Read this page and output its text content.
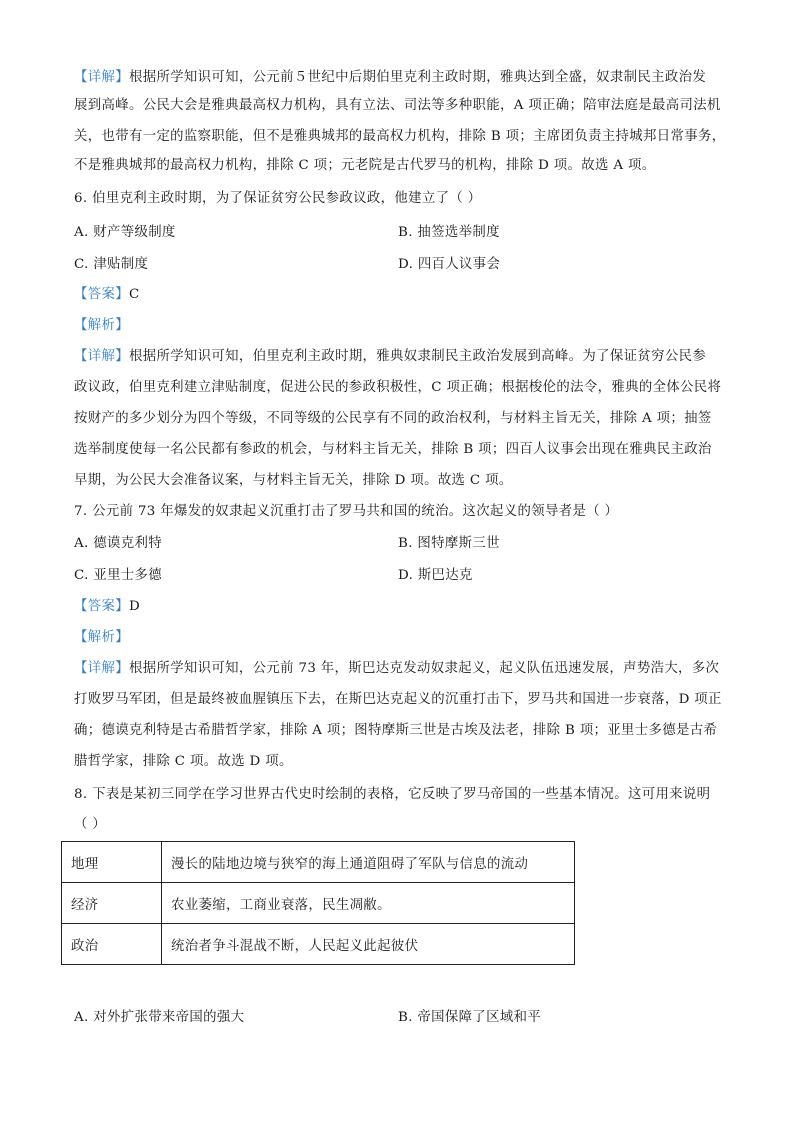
【详解】根据所学知识可知，公元前５世纪中后期伯里克利主政时期，雅典达到全盛，奴隶制民主政治发
展到高峰。公民大会是雅典最高权力机构，具有立法、司法等多种职能，A 项正确；陪审法庭是最高司法机
关，也带有一定的监察职能，但不是雅典城邦的最高权力机构，排除 B 项；主席团负责主持城邦日常事务，
不是雅典城邦的最高权力机构，排除 C 项；元老院是古代罗马的机构，排除 D 项。故选 A 项。
6. 伯里克利主政时期，为了保证贫穷公民参政议政，他建立了（ ）
A. 财产等级制度	B. 抽签选举制度
C. 津贴制度	D. 四百人议事会
【答案】C
【解析】
【详解】根据所学知识可知，伯里克利主政时期，雅典奴隶制民主政治发展到高峰。为了保证贫穷公民参
政议政，伯里克利建立津贴制度，促进公民的参政积极性，C 项正确；根据梭伦的法令，雅典的全体公民将
按财产的多少划分为四个等级，不同等级的公民享有不同的政治权利，与材料主旨无关，排除 A 项；抽签
选举制度使每一名公民都有参政的机会，与材料主旨无关，排除 B 项；四百人议事会出现在雅典民主政治
早期，为公民大会准备议案，与材料主旨无关，排除 D 项。故选 C 项。
7. 公元前 73 年爆发的奴隶起义沉重打击了罗马共和国的统治。这次起义的领导者是（ ）
A. 德谟克利特	B. 图特摩斯三世
C. 亚里士多德	D. 斯巴达克
【答案】D
【解析】
【详解】根据所学知识可知，公元前 73 年，斯巴达克发动奴隶起义，起义队伍迅速发展，声势浩大，多次
打败罗马军团，但是最终被血腥镇压下去，在斯巴达克起义的沉重打击下，罗马共和国进一步衰落，D 项正
确；德谟克利特是古希腊哲学家，排除 A 项；图特摩斯三世是古埃及法老，排除 B 项；亚里士多德是古希
腊哲学家，排除 C 项。故选 D 项。
8. 下表是某初三同学在学习世界古代史时绘制的表格，它反映了罗马帝国的一些基本情况。这可用来说明
（ ）
地理	漫长的陆地边境与狭窄的海上通道阻碍了军队与信息的流动
经济	农业萎缩，工商业衰落，民生凋敝。
政治	统治者争斗混战不断，人民起义此起彼伏
A. 对外扩张带来帝国的强大	B. 帝国保障了区域和平
